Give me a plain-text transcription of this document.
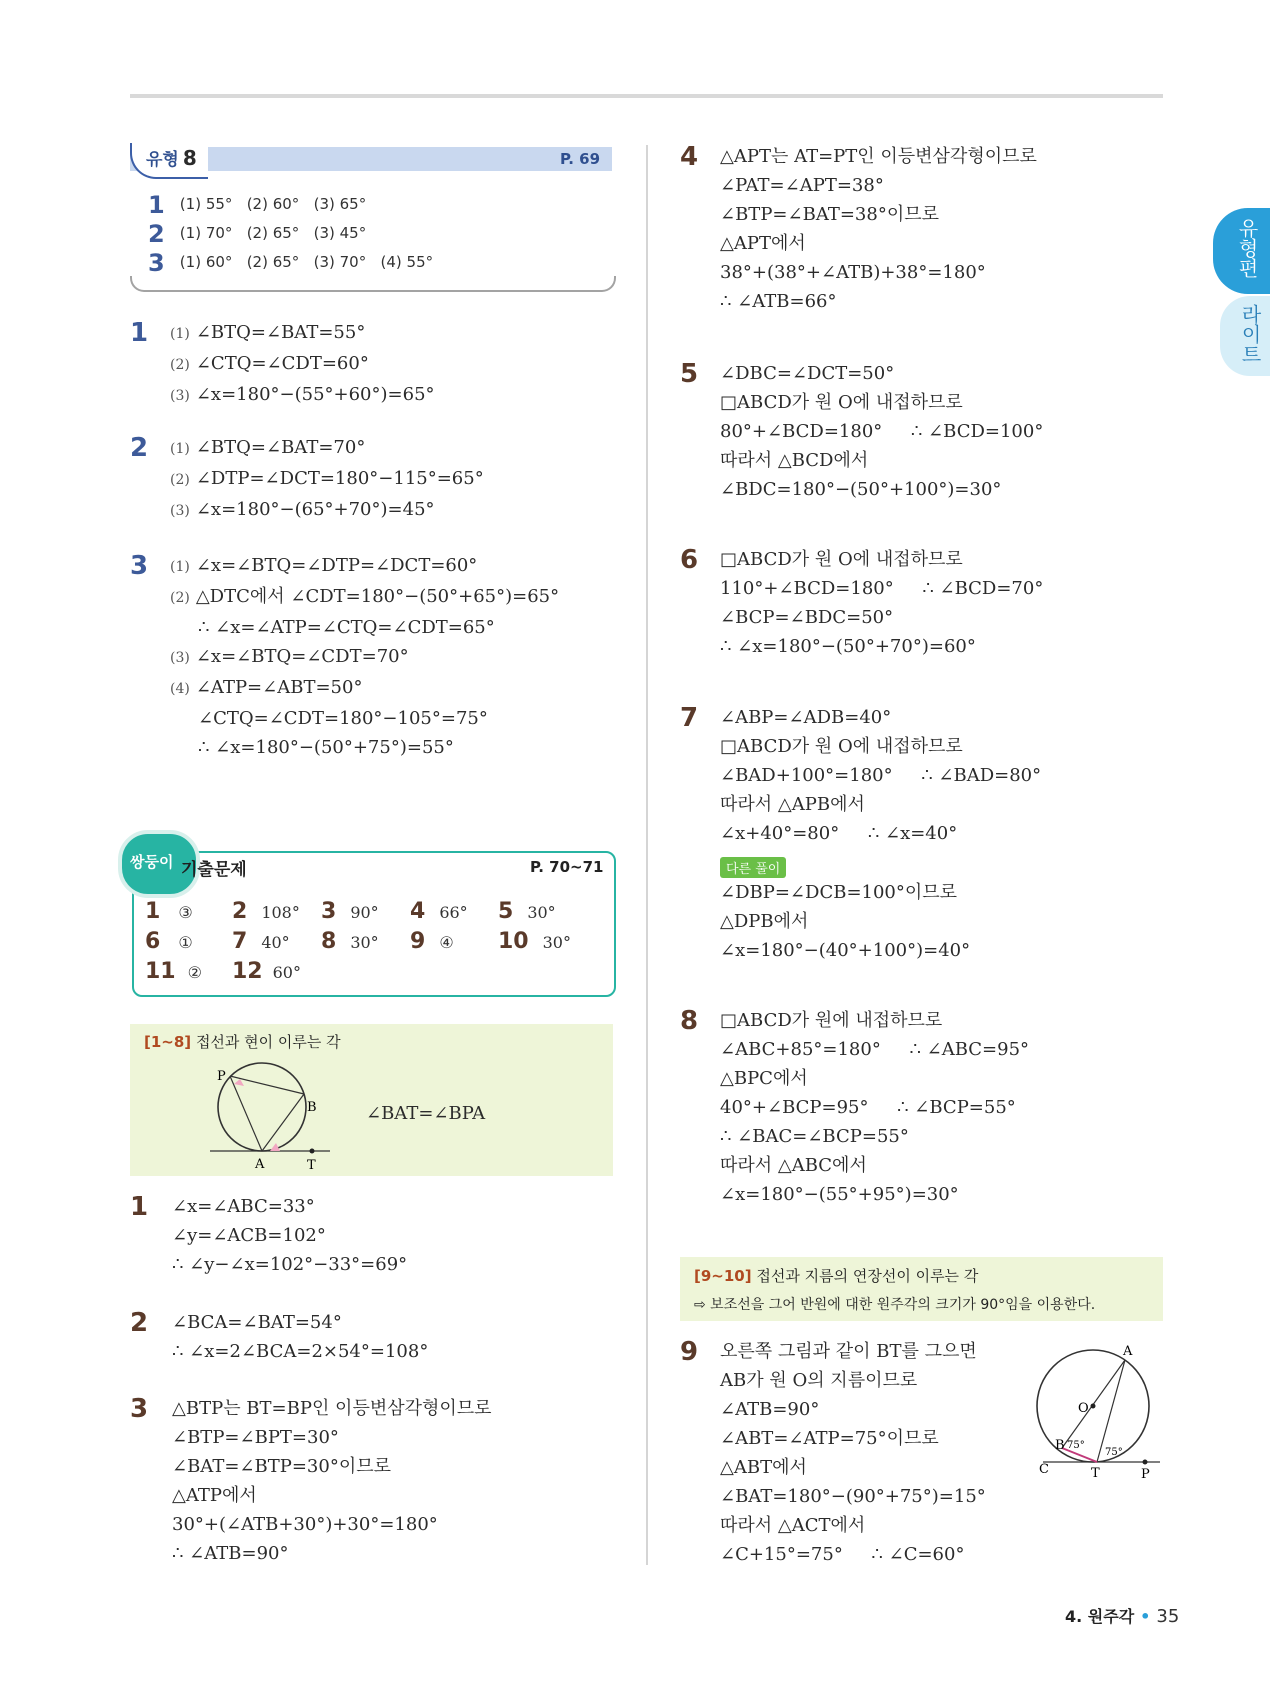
유형편
라이트
유형 8	P. 69
1 (1) 55°   (2) 60°   (3) 65°
2 (1) 70°   (2) 65°   (3) 45°
3 (1) 60°   (2) 65°   (3) 70°   (4) 55°
1 (1) ∠BTQ=∠BAT=55°
(2) ∠CTQ=∠CDT=60°
(3) ∠x=180°−(55°+60°)=65°
2 (1) ∠BTQ=∠BAT=70°
(2) ∠DTP=∠DCT=180°−115°=65°
(3) ∠x=180°−(65°+70°)=45°
3 (1) ∠x=∠BTQ=∠DTP=∠DCT=60°
(2) △DTC에서 ∠CDT=180°−(50°+65°)=65°
∴ ∠x=∠ATP=∠CTQ=∠CDT=65°
(3) ∠x=∠BTQ=∠CDT=70°
(4) ∠ATP=∠ABT=50°
∠CTQ=∠CDT=180°−105°=75°
∴ ∠x=180°−(50°+75°)=55°
쌍둥이 기출문제	P. 70~71
1 ③ 2 108° 3 90° 4 66° 5 30°
6 ① 7 40° 8 30° 9 ④ 10 30°
11 ② 12 60°
[1~8] 접선과 현이 이루는 각
P
B
A	T
∠BAT=∠BPA
1 ∠x=∠ABC=33°
∠y=∠ACB=102°
∴ ∠y−∠x=102°−33°=69°
2 ∠BCA=∠BAT=54°
∴ ∠x=2∠BCA=2×54°=108°
3 △BTP는 BT=BP인 이등변삼각형이므로
∠BTP=∠BPT=30°
∠BAT=∠BTP=30°이므로
△ATP에서
30°+(∠ATB+30°)+30°=180°
∴ ∠ATB=90°
4 △APT는 AT=PT인 이등변삼각형이므로
∠PAT=∠APT=38°
∠BTP=∠BAT=38°이므로
△APT에서
38°+(38°+∠ATB)+38°=180°
∴ ∠ATB=66°
5 ∠DBC=∠DCT=50°
□ABCD가 원 O에 내접하므로
80°+∠BCD=180°     ∴ ∠BCD=100°
따라서 △BCD에서
∠BDC=180°−(50°+100°)=30°
6 □ABCD가 원 O에 내접하므로
110°+∠BCD=180°     ∴ ∠BCD=70°
∠BCP=∠BDC=50°
∴ ∠x=180°−(50°+70°)=60°
7 ∠ABP=∠ADB=40°
□ABCD가 원 O에 내접하므로
∠BAD+100°=180°     ∴ ∠BAD=80°
따라서 △APB에서
∠x+40°=80°     ∴ ∠x=40°
다른 풀이
∠DBP=∠DCB=100°이므로
△DPB에서
∠x=180°−(40°+100°)=40°
8 □ABCD가 원에 내접하므로
∠ABC+85°=180°     ∴ ∠ABC=95°
△BPC에서
40°+∠BCP=95°     ∴ ∠BCP=55°
∴ ∠BAC=∠BCP=55°
따라서 △ABC에서
∠x=180°−(55°+95°)=30°
[9~10] 접선과 지름의 연장선이 이루는 각
⇨ 보조선을 그어 반원에 대한 원주각의 크기가 90°임을 이용한다.
9 오른쪽 그림과 같이 BT를 그으면
AB가 원 O의 지름이므로
∠ATB=90°
∠ABT=∠ATP=75°이므로
△ABT에서
∠BAT=180°−(90°+75°)=15°
따라서 △ACT에서
∠C+15°=75°     ∴ ∠C=60°
A
O
B
C	T	P
75°
75°
4. 원주각 • 35
